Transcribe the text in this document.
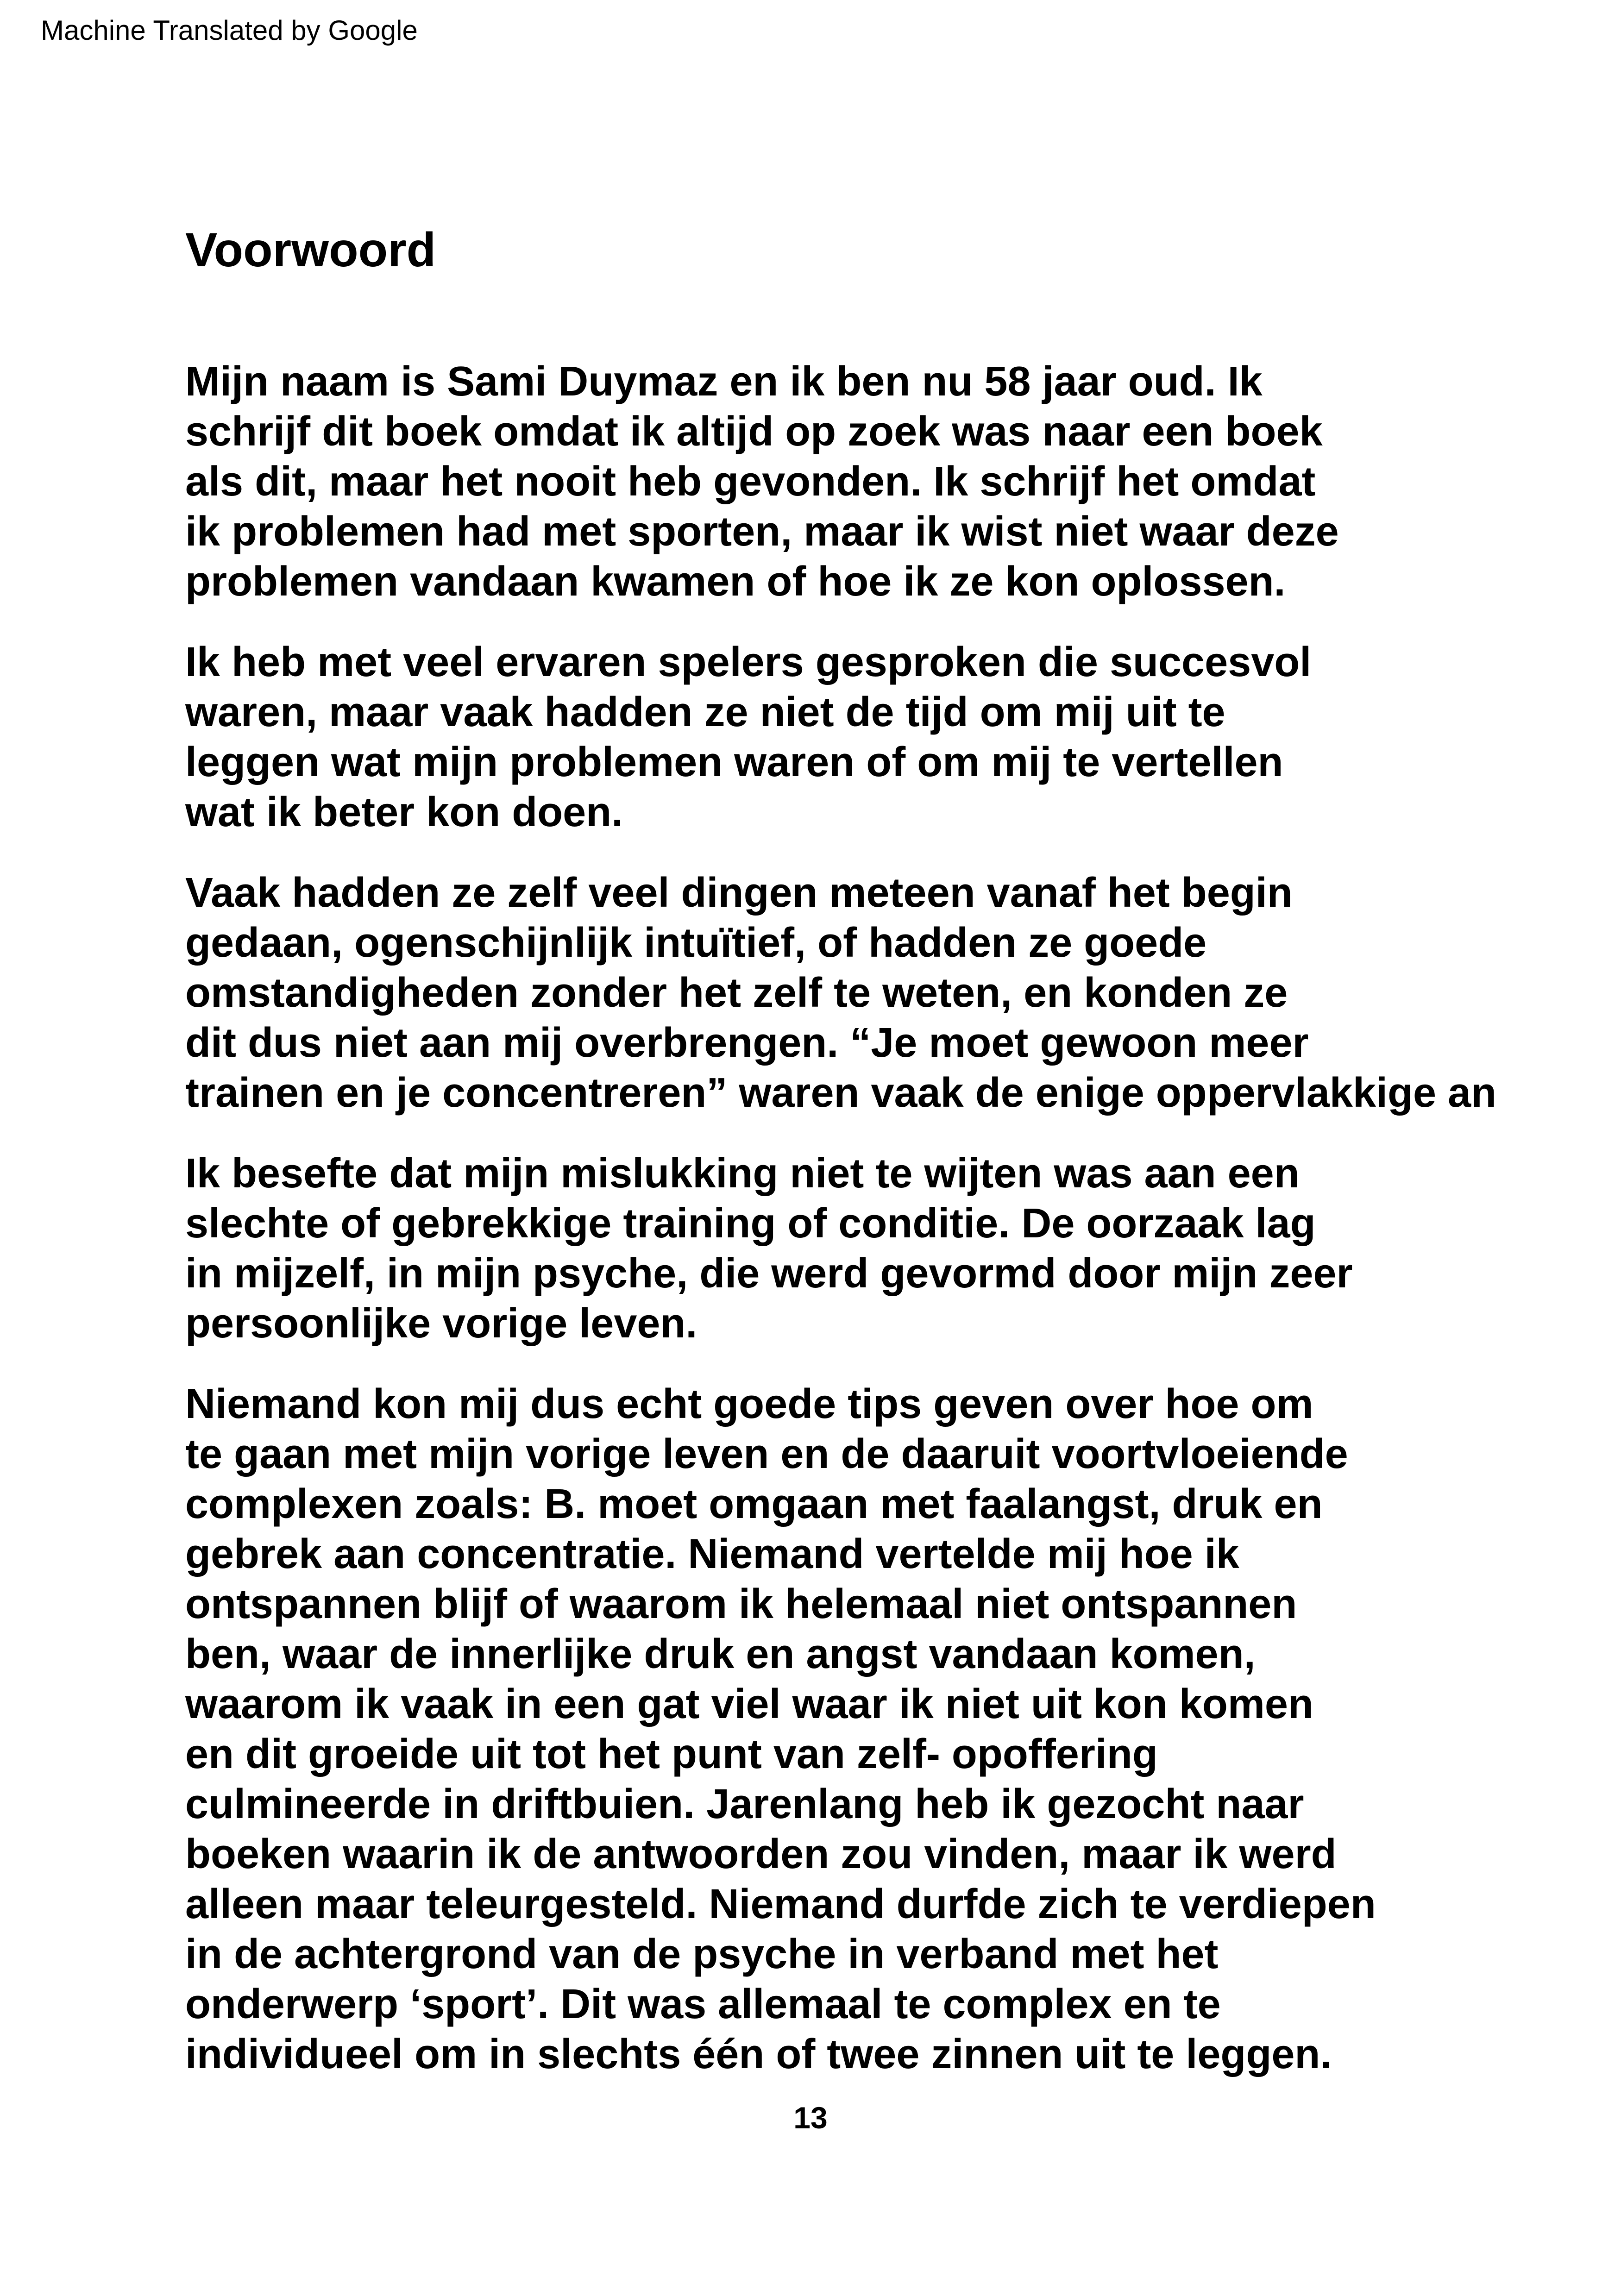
Machine Translated by Google
Voorwoord
Mijn naam is Sami Duymaz en ik ben nu 58 jaar oud. Ik
schrijf dit boek omdat ik altijd op zoek was naar een boek
als dit, maar het nooit heb gevonden. Ik schrijf het omdat
ik problemen had met sporten, maar ik wist niet waar deze
problemen vandaan kwamen of hoe ik ze kon oplossen.
Ik heb met veel ervaren spelers gesproken die succesvol
waren, maar vaak hadden ze niet de tijd om mij uit te
leggen wat mijn problemen waren of om mij te vertellen
wat ik beter kon doen.
Vaak hadden ze zelf veel dingen meteen vanaf het begin
gedaan, ogenschijnlijk intuïtief, of hadden ze goede
omstandigheden zonder het zelf te weten, en konden ze
dit dus niet aan mij overbrengen. “Je moet gewoon meer
trainen en je concentreren” waren vaak de enige oppervlakkige an
Ik besefte dat mijn mislukking niet te wijten was aan een
slechte of gebrekkige training of conditie. De oorzaak lag
in mijzelf, in mijn psyche, die werd gevormd door mijn zeer
persoonlijke vorige leven.
Niemand kon mij dus echt goede tips geven over hoe om
te gaan met mijn vorige leven en de daaruit voortvloeiende
complexen zoals: B. moet omgaan met faalangst, druk en
gebrek aan concentratie. Niemand vertelde mij hoe ik
ontspannen blijf of waarom ik helemaal niet ontspannen
ben, waar de innerlijke druk en angst vandaan komen,
waarom ik vaak in een gat viel waar ik niet uit kon komen
en dit groeide uit tot het punt van zelf- opoffering
culmineerde in driftbuien. Jarenlang heb ik gezocht naar
boeken waarin ik de antwoorden zou vinden, maar ik werd
alleen maar teleurgesteld. Niemand durfde zich te verdiepen
in de achtergrond van de psyche in verband met het
onderwerp ‘sport’. Dit was allemaal te complex en te
individueel om in slechts één of twee zinnen uit te leggen.
13
